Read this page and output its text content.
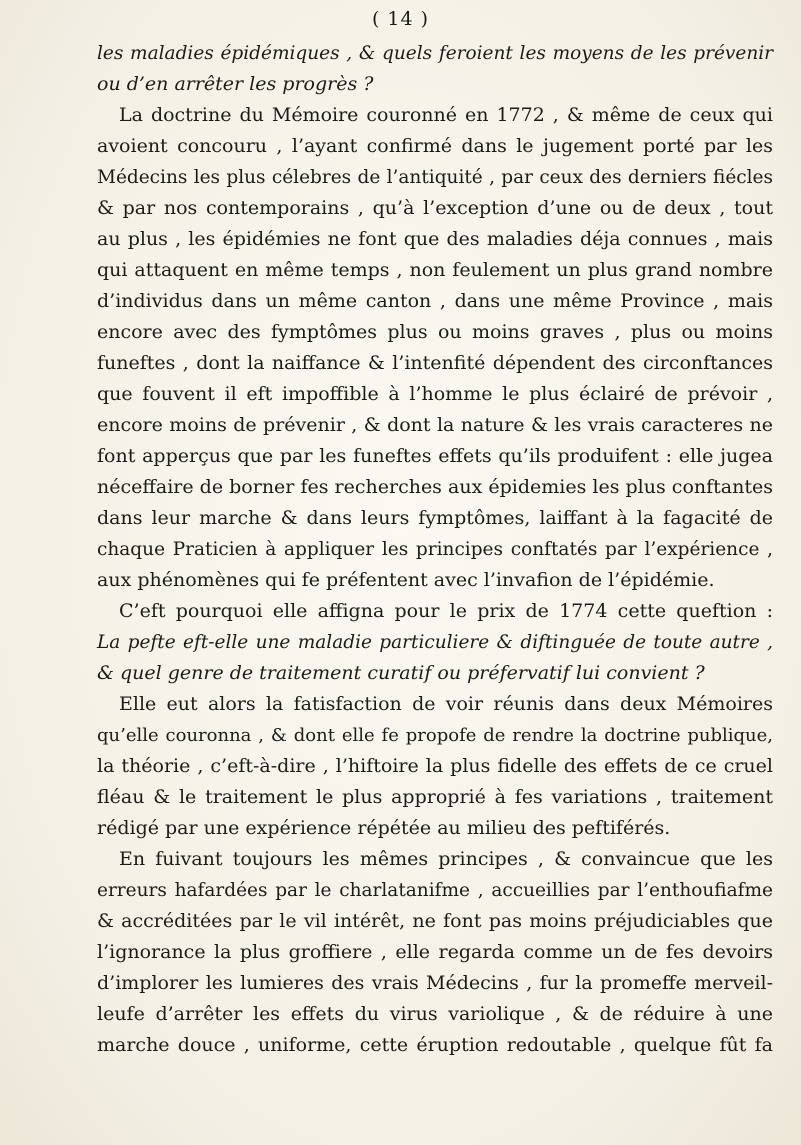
( 14 )
les maladies épidémiques , & quels feroient les moyens de les prévenir
ou d’en arrêter les progrès ?
La doctrine du Mémoire couronné en 1772 , & même de ceux qui
avoient concouru , l’ayant confirmé dans le jugement porté par les
Médecins les plus célebres de l’antiquité , par ceux des derniers fiécles
& par nos contemporains , qu’à l’exception d’une ou de deux , tout
au plus , les épidémies ne font que des maladies déja connues , mais
qui attaquent en même temps , non feulement un plus grand nombre
d’individus dans un même canton , dans une même Province , mais
encore avec des fymptômes plus ou moins graves , plus ou moins
funeftes , dont la naiffance & l’intenfité dépendent des circonftances
que fouvent il eft impoffible à l’homme le plus éclairé de prévoir ,
encore moins de prévenir , & dont la nature & les vrais caracteres ne
font apperçus que par les funeftes effets qu’ils produifent : elle jugea
néceffaire de borner fes recherches aux épidemies les plus conftantes
dans leur marche & dans leurs fymptômes, laiffant à la fagacité de
chaque Praticien à appliquer les principes conftatés par l’expérience ,
aux phénomènes qui fe préfentent avec l’invafion de l’épidémie.
C’eft pourquoi elle affigna pour le prix de 1774 cette queftion :
La pefte eft-elle une maladie particuliere & diftinguée de toute autre ,
& quel genre de traitement curatif ou préfervatif lui convient ?
Elle eut alors la fatisfaction de voir réunis dans deux Mémoires
qu’elle couronna , & dont elle fe propofe de rendre la doctrine publique,
la théorie , c’eft-à-dire , l’hiftoire la plus fidelle des effets de ce cruel
fléau & le traitement le plus approprié à fes variations , traitement
rédigé par une expérience répétée au milieu des peftiférés.
En fuivant toujours les mêmes principes , & convaincue que les
erreurs hafardées par le charlatanifme , accueillies par l’enthoufiafme
& accréditées par le vil intérêt, ne font pas moins préjudiciables que
l’ignorance la plus groffiere , elle regarda comme un de fes devoirs
d’implorer les lumieres des vrais Médecins , fur la promeffe merveil-
leufe d’arrêter les effets du virus variolique , & de réduire à une
marche douce , uniforme, cette éruption redoutable , quelque fût fa
